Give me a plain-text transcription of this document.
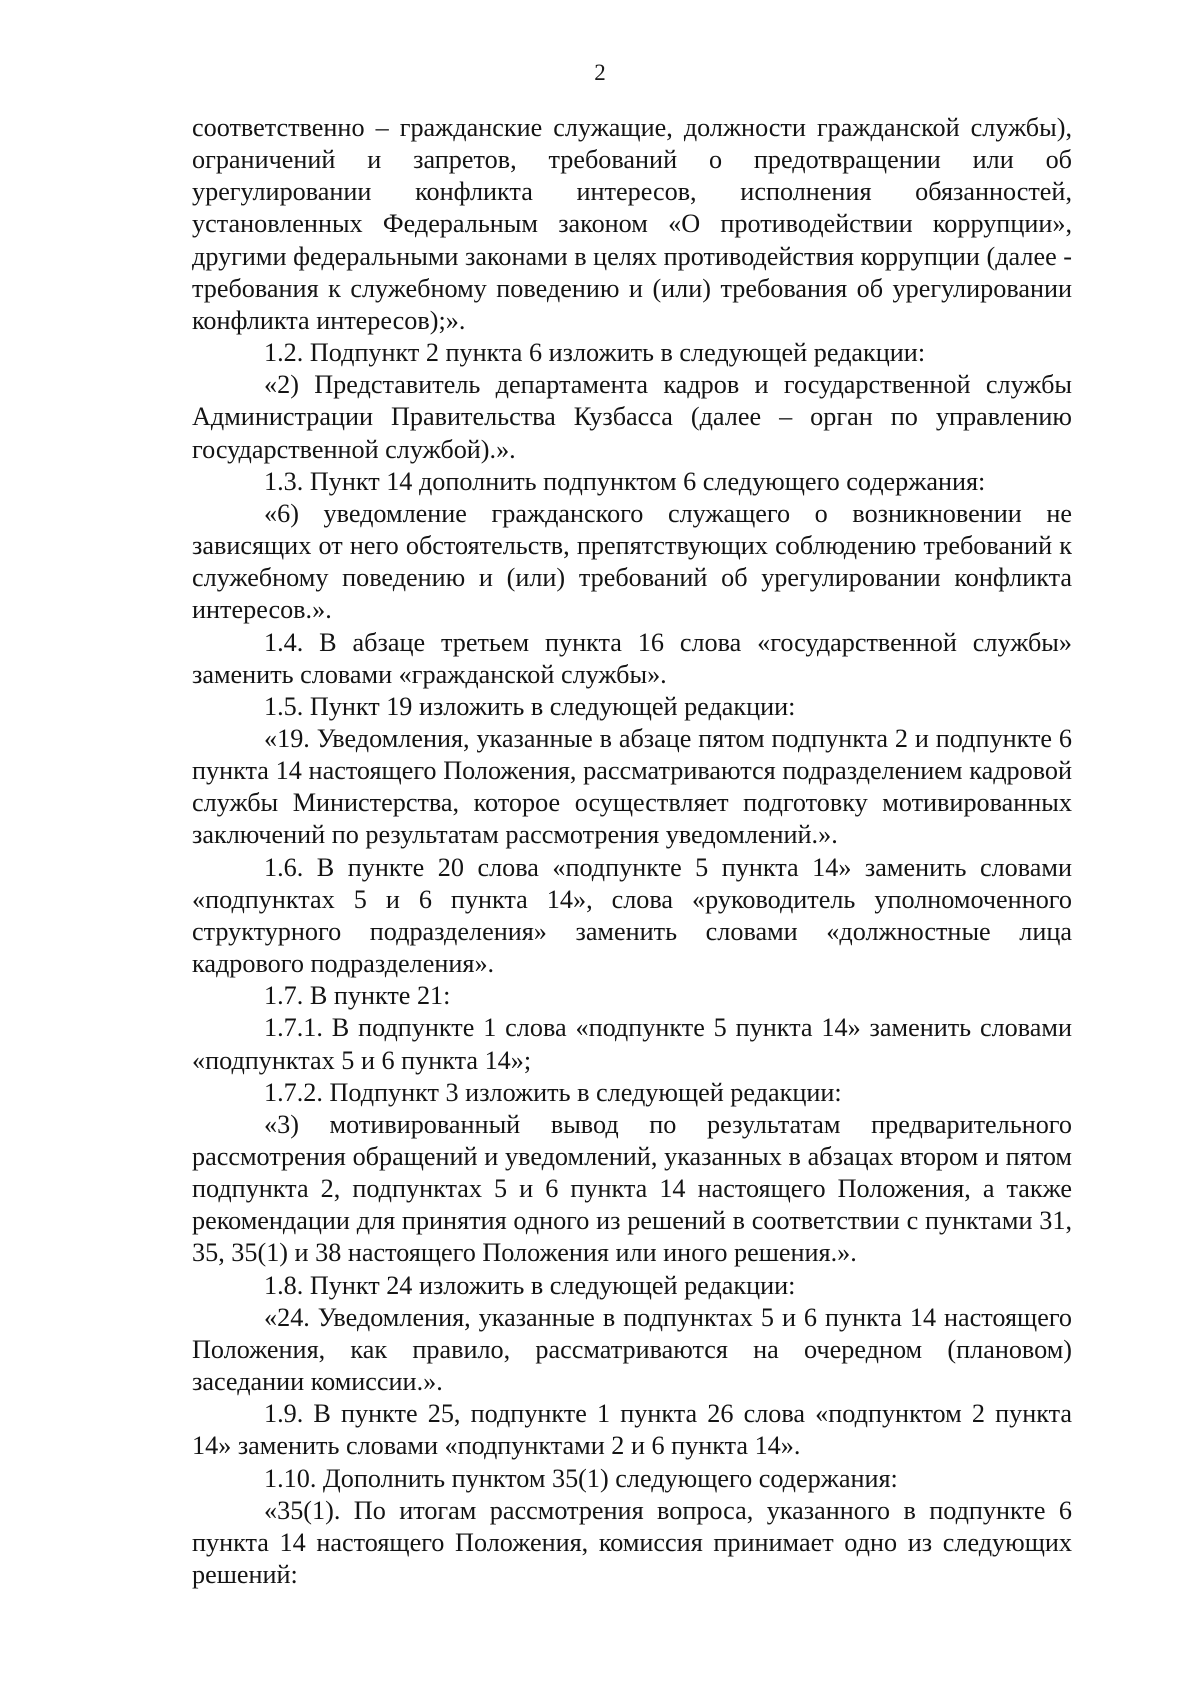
2

соответственно – гражданские служащие, должности гражданской службы), ограничений и запретов, требований о предотвращении или об урегулировании конфликта интересов, исполнения обязанностей, установленных Федеральным законом «О противодействии коррупции», другими федеральными законами в целях противодействия коррупции (далее - требования к служебному поведению и (или) требования об урегулировании конфликта интересов);».

1.2. Подпункт 2 пункта 6 изложить в следующей редакции:

«2) Представитель департамента кадров и государственной службы Администрации Правительства Кузбасса (далее – орган по управлению государственной службой).».

1.3. Пункт 14 дополнить подпунктом 6 следующего содержания:

«6) уведомление гражданского служащего о возникновении не зависящих от него обстоятельств, препятствующих соблюдению требований к служебному поведению и (или) требований об урегулировании конфликта интересов.».

1.4. В абзаце третьем пункта 16 слова «государственной службы» заменить словами «гражданской службы».

1.5. Пункт 19 изложить в следующей редакции:

«19. Уведомления, указанные в абзаце пятом подпункта 2 и подпункте 6 пункта 14 настоящего Положения, рассматриваются подразделением кадровой службы Министерства, которое осуществляет подготовку мотивированных заключений по результатам рассмотрения уведомлений.».

1.6. В пункте 20 слова «подпункте 5 пункта 14» заменить словами «подпунктах 5 и 6 пункта 14», слова «руководитель уполномоченного структурного подразделения» заменить словами «должностные лица кадрового подразделения».

1.7. В пункте 21:

1.7.1. В подпункте 1 слова «подпункте 5 пункта 14» заменить словами «подпунктах 5 и 6 пункта 14»;

1.7.2. Подпункт 3 изложить в следующей редакции:

«3) мотивированный вывод по результатам предварительного рассмотрения обращений и уведомлений, указанных в абзацах втором и пятом подпункта 2, подпунктах 5 и 6 пункта 14 настоящего Положения, а также рекомендации для принятия одного из решений в соответствии с пунктами 31, 35, 35(1) и 38 настоящего Положения или иного решения.».

1.8. Пункт 24 изложить в следующей редакции:

«24. Уведомления, указанные в подпунктах 5 и 6 пункта 14 настоящего Положения, как правило, рассматриваются на очередном (плановом) заседании комиссии.».

1.9. В пункте 25, подпункте 1 пункта 26 слова «подпунктом 2 пункта 14» заменить словами «подпунктами 2 и 6 пункта 14».

1.10. Дополнить пунктом 35(1) следующего содержания:

«35(1). По итогам рассмотрения вопроса, указанного в подпункте 6 пункта 14 настоящего Положения, комиссия принимает одно из следующих решений:
